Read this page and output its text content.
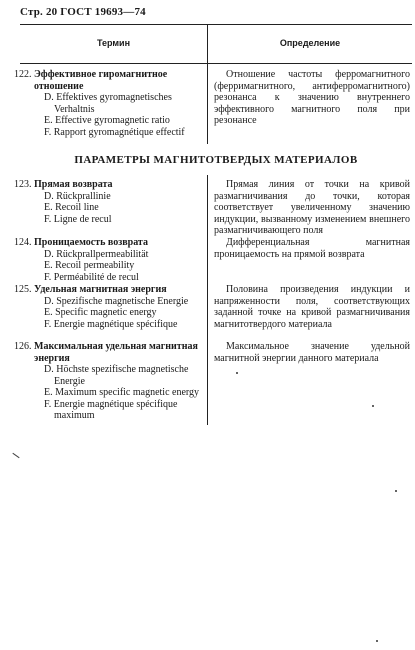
Стр. 20 ГОСТ 19693—74
Термин	Определение
122. Эффективное гиромагнитное отношение
D. Effektives gyromagnetisches Verhaltnis
E. Effective gyromagnetic ratio
F. Rapport gyromagnétique effectif
Отношение частоты ферромагнитного (ферримагнитного, антиферромагнитного) резонанса к значению внутреннего эффективного магнитного поля при резонансе
ПАРАМЕТРЫ МАГНИТОТВЕРДЫХ МАТЕРИАЛОВ
123. Прямая возврата
D. Rückprallinie
E. Recoil line
F. Ligne de recul
Прямая линия от точки на кривой размагничивания до точки, которая соответствует увеличенному значению индукции, вызванному изменением внешнего размагничивающего поля
124. Проницаемость возврата
D. Rückprallpermeabilität
E. Recoil permeability
F. Perméabilité de recul
Дифференциальная магнитная проницаемость на прямой возврата
125. Удельная магнитная энергия
D. Spezifische magnetische Energie
E. Specific magnetic energy
F. Energie magnétique spécifique
Половина произведения индукции и напряженности поля, соответствующих заданной точке на кривой размагничивания магнитотвердого материала
126. Максимальная удельная магнитная энергия
D. Höchste spezifische magnetische Energie
E. Maximum specific magnetic energy
F. Energie magnétique spécifique maximum
Максимальное значение удельной магнитной энергии данного материала
